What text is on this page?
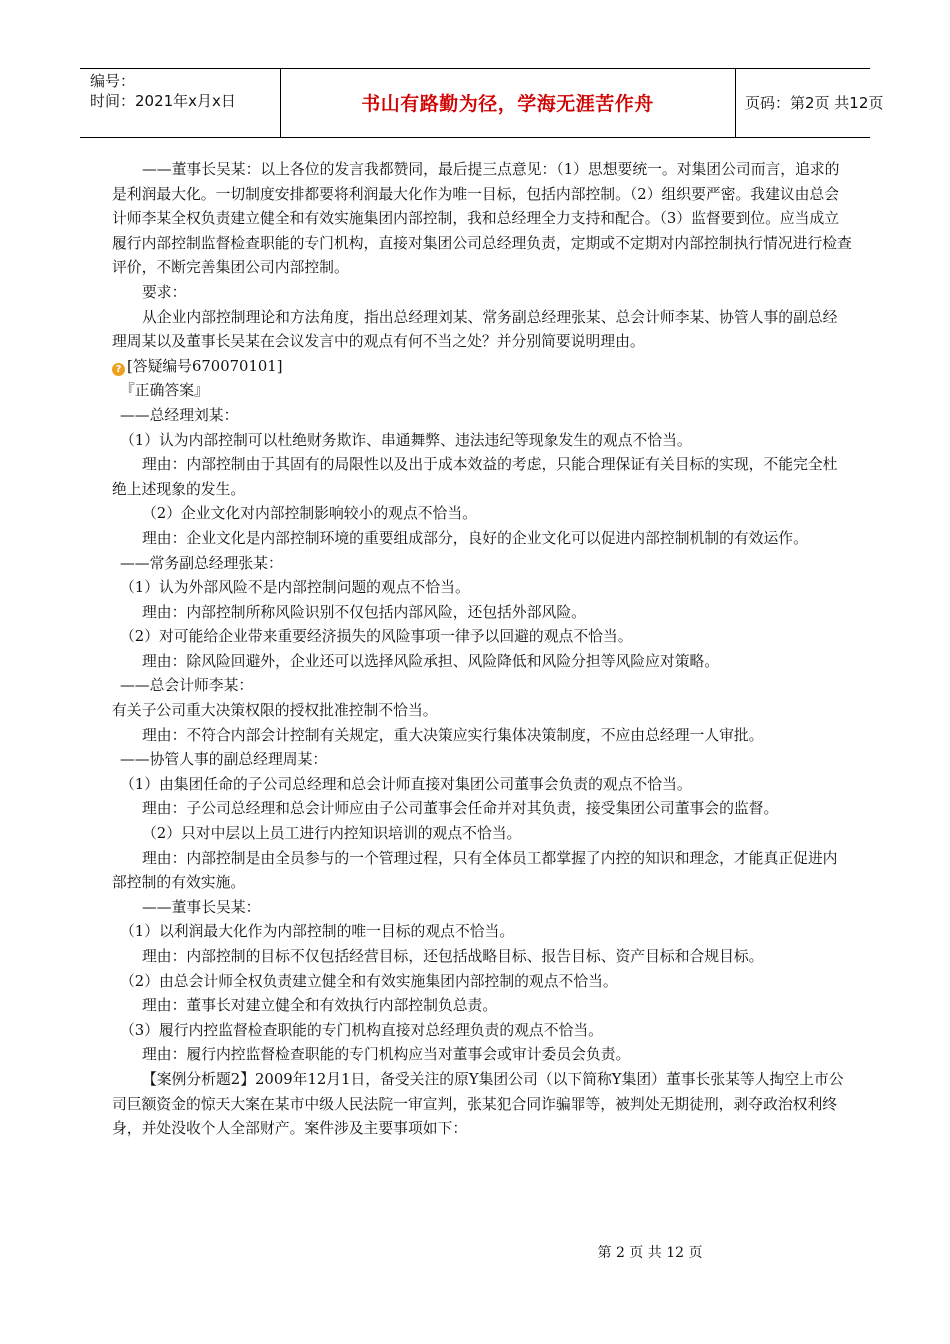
编号：
时间：2021年x月x日	书山有路勤为径，学海无涯苦作舟	页码：第2页 共12页

——董事长吴某：以上各位的发言我都赞同，最后提三点意见：（1）思想要统一。对集团公司而言，追求的是利润最大化。一切制度安排都要将利润最大化作为唯一目标，包括内部控制。（2）组织要严密。我建议由总会计师李某全权负责建立健全和有效实施集团内部控制，我和总经理全力支持和配合。（3）监督要到位。应当成立履行内部控制监督检查职能的专门机构，直接对集团公司总经理负责，定期或不定期对内部控制执行情况进行检查评价，不断完善集团公司内部控制。

要求：

从企业内部控制理论和方法角度，指出总经理刘某、常务副总经理张某、总会计师李某、协管人事的副总经理周某以及董事长吴某在会议发言中的观点有何不当之处？并分别简要说明理由。

? [答疑编号670070101]

『正确答案』

——总经理刘某：

（1）认为内部控制可以杜绝财务欺诈、串通舞弊、违法违纪等现象发生的观点不恰当。

理由：内部控制由于其固有的局限性以及出于成本效益的考虑，只能合理保证有关目标的实现，不能完全杜绝上述现象的发生。

（2）企业文化对内部控制影响较小的观点不恰当。

理由：企业文化是内部控制环境的重要组成部分，良好的企业文化可以促进内部控制机制的有效运作。

——常务副总经理张某：

（1）认为外部风险不是内部控制问题的观点不恰当。

理由：内部控制所称风险识别不仅包括内部风险，还包括外部风险。

（2）对可能给企业带来重要经济损失的风险事项一律予以回避的观点不恰当。

理由：除风险回避外，企业还可以选择风险承担、风险降低和风险分担等风险应对策略。

——总会计师李某：

有关子公司重大决策权限的授权批准控制不恰当。

理由：不符合内部会计控制有关规定，重大决策应实行集体决策制度，不应由总经理一人审批。

——协管人事的副总经理周某：

（1）由集团任命的子公司总经理和总会计师直接对集团公司董事会负责的观点不恰当。

理由：子公司总经理和总会计师应由子公司董事会任命并对其负责，接受集团公司董事会的监督。

（2）只对中层以上员工进行内控知识培训的观点不恰当。

理由：内部控制是由全员参与的一个管理过程，只有全体员工都掌握了内控的知识和理念，才能真正促进内部控制的有效实施。

——董事长吴某：

（1）以利润最大化作为内部控制的唯一目标的观点不恰当。

理由：内部控制的目标不仅包括经营目标，还包括战略目标、报告目标、资产目标和合规目标。

（2）由总会计师全权负责建立健全和有效实施集团内部控制的观点不恰当。

理由：董事长对建立健全和有效执行内部控制负总责。

（3）履行内控监督检查职能的专门机构直接对总经理负责的观点不恰当。

理由：履行内控监督检查职能的专门机构应当对董事会或审计委员会负责。

【案例分析题2】2009年12月1日，备受关注的原Y集团公司（以下简称Y集团）董事长张某等人掏空上市公司巨额资金的惊天大案在某市中级人民法院一审宣判，张某犯合同诈骗罪等，被判处无期徒刑，剥夺政治权利终身，并处没收个人全部财产。案件涉及主要事项如下：

第 2 页 共 12 页
